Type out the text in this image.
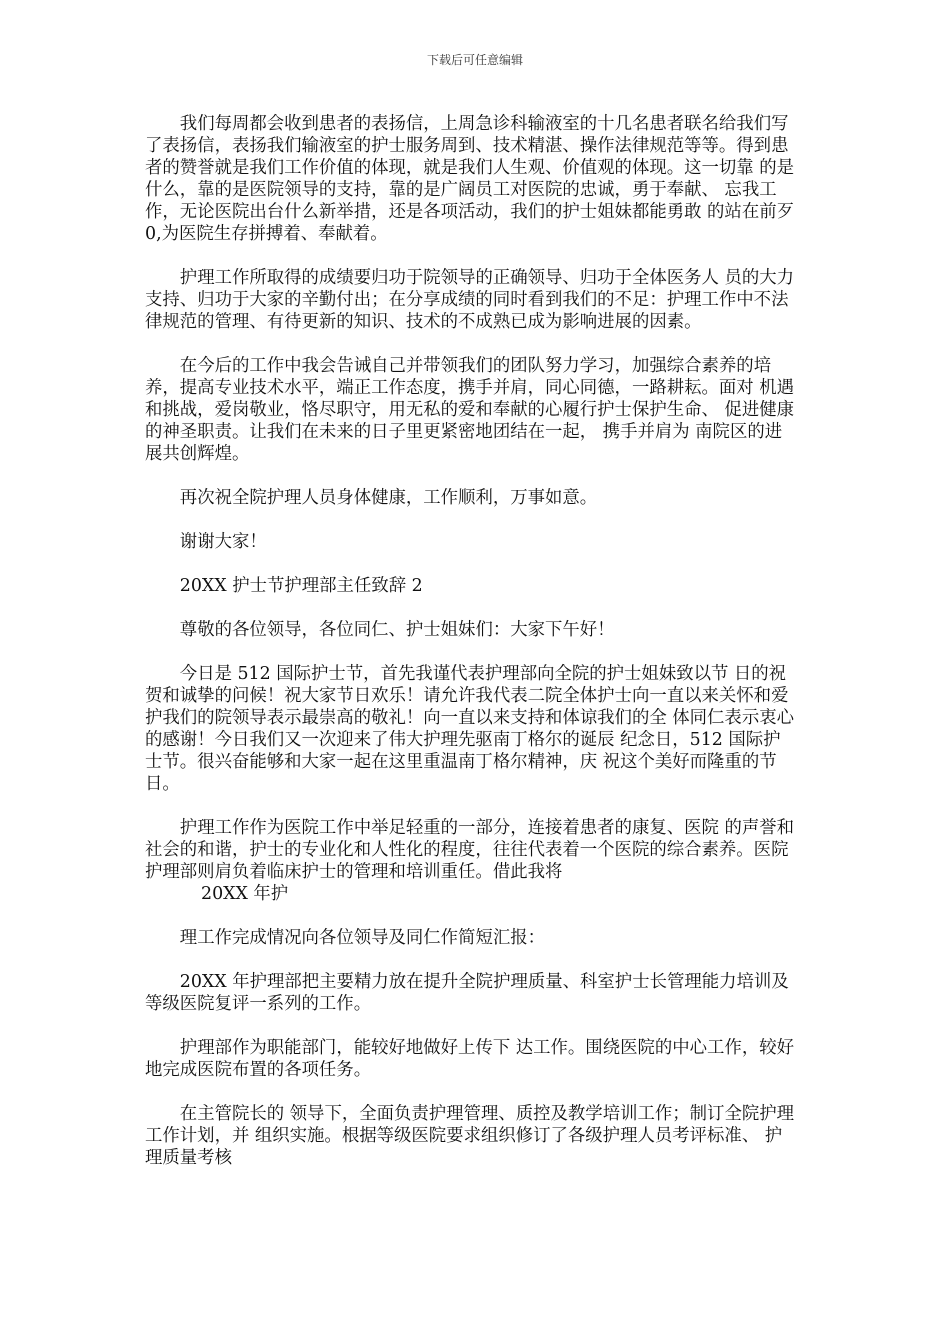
下载后可任意编辑

我们每周都会收到患者的表扬信，上周急诊科输液室的十几名患者联名给我们写 了表扬信，表扬我们输液室的护士服务周到、技术精湛、操作法律规范等等。得到患 者的赞誉就是我们工作价值的体现，就是我们人生观、价值观的体现。这一切靠 的是什么，靠的是医院领导的支持，靠的是广阔员工对医院的忠诚，勇于奉献、 忘我工作，无论医院出台什么新举措，还是各项活动，我们的护士姐妹都能勇敢 的站在前歹0,为医院生存拼搏着、奉献着。

护理工作所取得的成绩要归功于院领导的正确领导、归功于全体医务人 员的大力支持、归功于大家的辛勤付出；在分享成绩的同时看到我们的不足：护理工作中不法律规范的管理、有待更新的知识、技术的不成熟已成为影响进展的因素。

在今后的工作中我会告诫自己并带领我们的团队努力学习，加强综合素养的培 养，提高专业技术水平，端正工作态度，携手并肩，同心同德，一路耕耘。面对 机遇和挑战，爱岗敬业，恪尽职守，用无私的爱和奉献的心履行护士保护生命、 促进健康的神圣职责。让我们在未来的日子里更紧密地团结在一起， 携手并肩为 南院区的进展共创辉煌。

再次祝全院护理人员身体健康，工作顺利，万事如意。

谢谢大家！

20XX 护士节护理部主任致辞 2

尊敬的各位领导，各位同仁、护士姐妹们：大家下午好！

今日是 512 国际护士节，首先我谨代表护理部向全院的护士姐妹致以节 日的祝贺和诚挚的问候！祝大家节日欢乐！请允许我代表二院全体护士向一直以来关怀和爱护我们的院领导表示最崇高的敬礼！向一直以来支持和体谅我们的全 体同仁表示衷心的感谢！今日我们又一次迎来了伟大护理先驱南丁格尔的诞辰 纪念日，512 国际护士节。很兴奋能够和大家一起在这里重温南丁格尔精神，庆 祝这个美好而隆重的节日。

护理工作作为医院工作中举足轻重的一部分，连接着患者的康复、医院 的声誉和社会的和谐，护士的专业化和人性化的程度，往往代表着一个医院的综合素养。医院护理部则肩负着临床护士的管理和培训重任。借此我将

20XX 年护

理工作完成情况向各位领导及同仁作简短汇报：

20XX 年护理部把主要精力放在提升全院护理质量、科室护士长管理能力培训及等级医院复评一系列的工作。

护理部作为职能部门，能较好地做好上传下 达工作。围绕医院的中心工作，较好地完成医院布置的各项任务。

在主管院长的 领导下，全面负责护理管理、质控及教学培训工作；制订全院护理工作计划，并 组织实施。根据等级医院要求组织修订了各级护理人员考评标准、 护理质量考核
